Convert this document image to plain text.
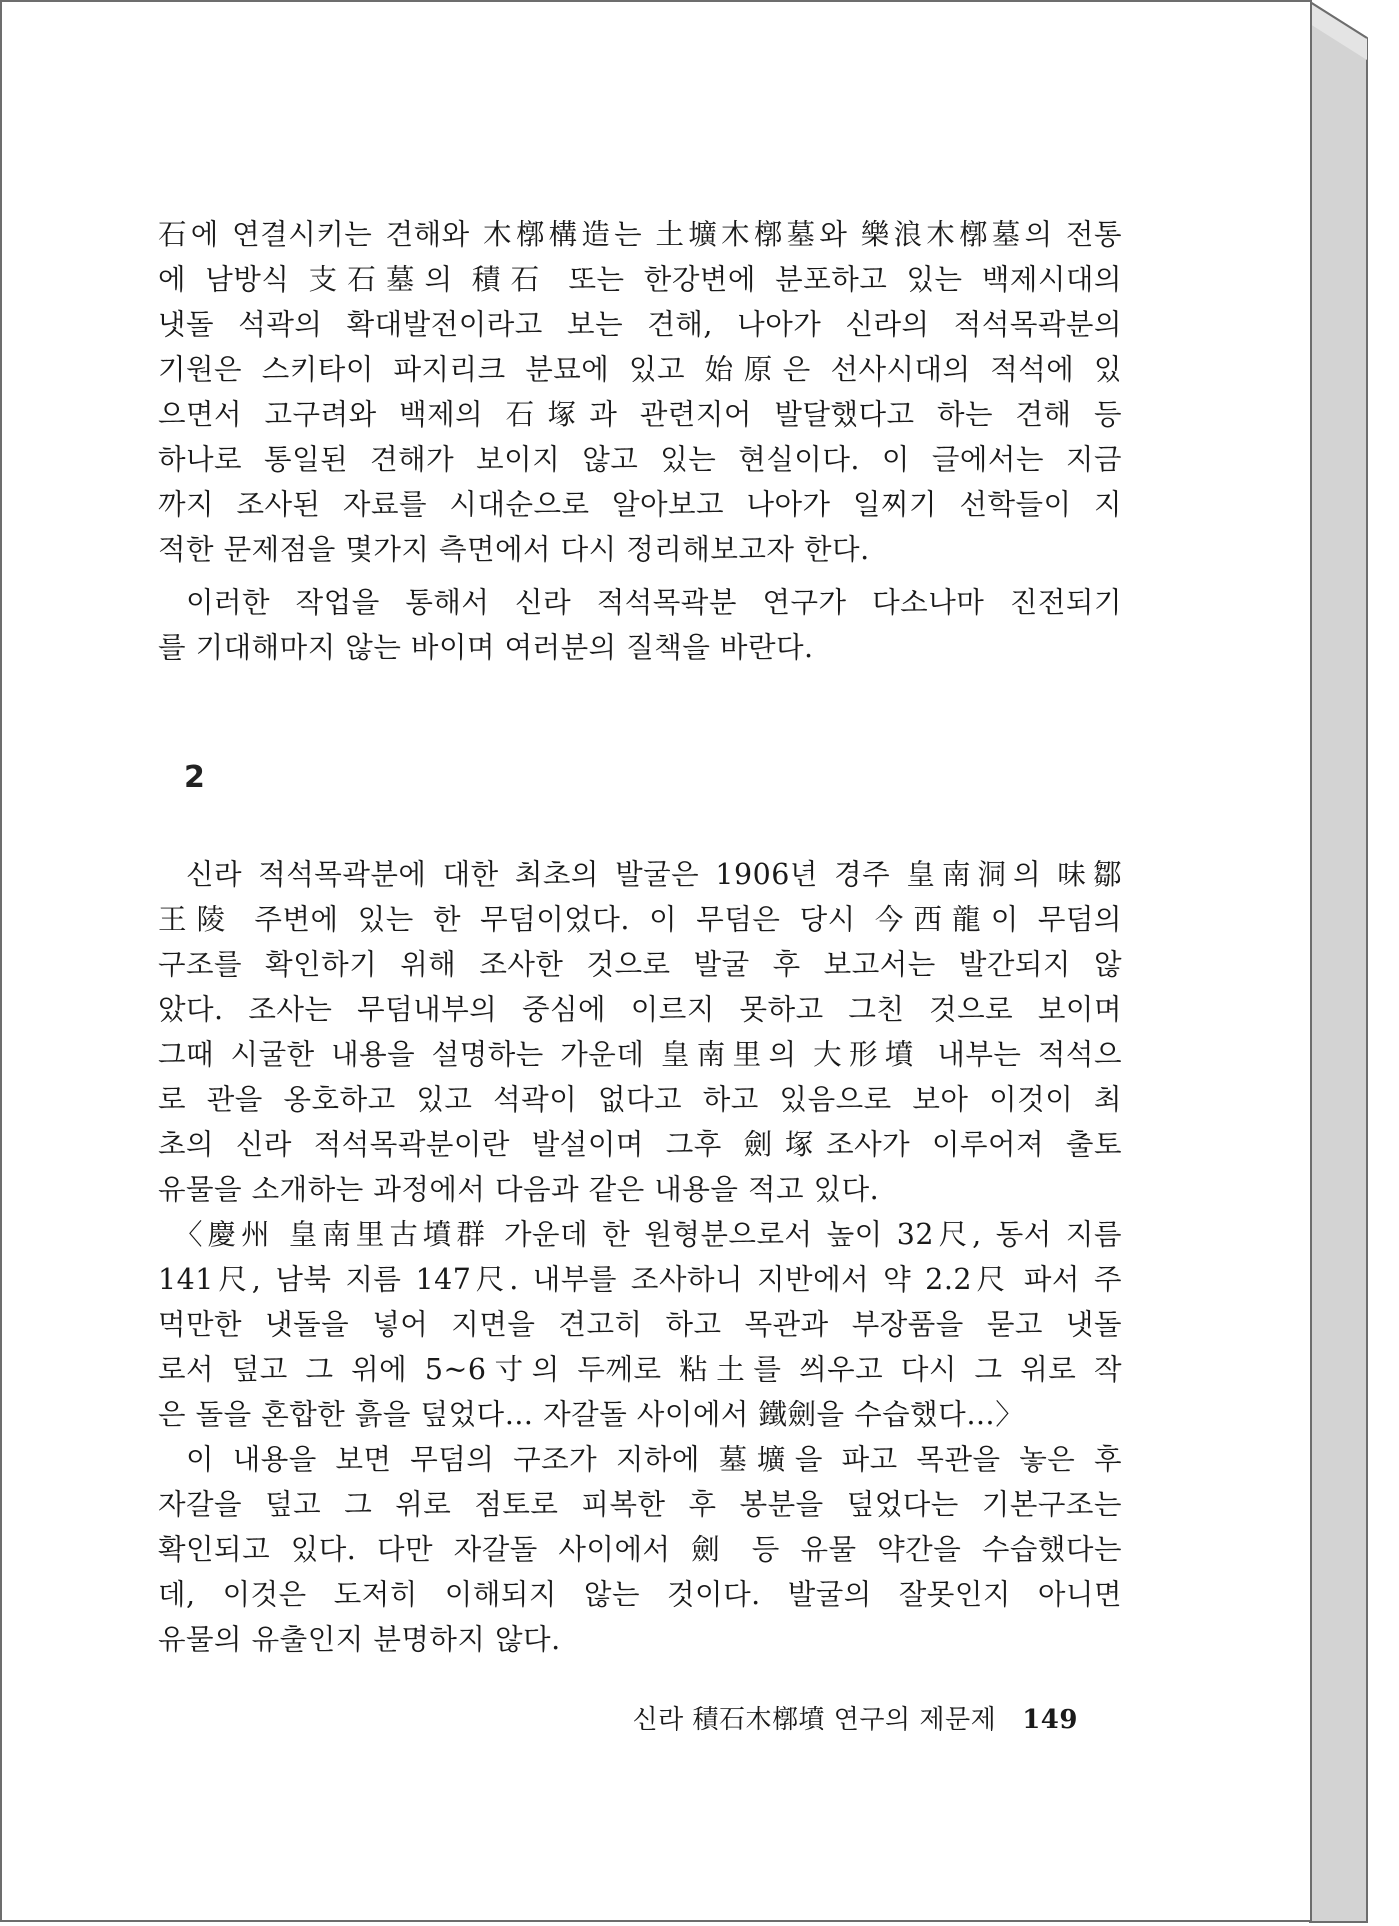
石에 연결시키는 견해와 木槨構造는 土壙木槨墓와 樂浪木槨墓의 전통
에 남방식 支石墓의 積石 또는 한강변에 분포하고 있는 백제시대의
냇돌 석곽의 확대발전이라고 보는 견해, 나아가 신라의 적석목곽분의
기원은 스키타이 파지리크 분묘에 있고 始原은 선사시대의 적석에 있
으면서 고구려와 백제의 石塚과 관련지어 발달했다고 하는 견해 등
하나로 통일된 견해가 보이지 않고 있는 현실이다. 이 글에서는 지금
까지 조사된 자료를 시대순으로 알아보고 나아가 일찌기 선학들이 지
적한 문제점을 몇가지 측면에서 다시 정리해보고자 한다.
이러한 작업을 통해서 신라 적석목곽분 연구가 다소나마 진전되기
를 기대해마지 않는 바이며 여러분의 질책을 바란다.
2
신라 적석목곽분에 대한 최초의 발굴은 1906년 경주 皇南洞의 味鄒
王陵 주변에 있는 한 무덤이었다. 이 무덤은 당시 今西龍이 무덤의
구조를 확인하기 위해 조사한 것으로 발굴 후 보고서는 발간되지 않
았다. 조사는 무덤내부의 중심에 이르지 못하고 그친 것으로 보이며
그때 시굴한 내용을 설명하는 가운데 皇南里의 大形墳 내부는 적석으
로 관을 옹호하고 있고 석곽이 없다고 하고 있음으로 보아 이것이 최
초의 신라 적석목곽분이란 발설이며 그후 劍塚조사가 이루어져 출토
유물을 소개하는 과정에서 다음과 같은 내용을 적고 있다.
〈慶州 皇南里古墳群 가운데 한 원형분으로서 높이 32尺, 동서 지름
141尺, 남북 지름 147尺. 내부를 조사하니 지반에서 약 2.2尺 파서 주
먹만한 냇돌을 넣어 지면을 견고히 하고 목관과 부장품을 묻고 냇돌
로서 덮고 그 위에 5~6寸의 두께로 粘土를 씌우고 다시 그 위로 작
은 돌을 혼합한 흙을 덮었다… 자갈돌 사이에서 鐵劍을 수습했다…〉
이 내용을 보면 무덤의 구조가 지하에 墓壙을 파고 목관을 놓은 후
자갈을 덮고 그 위로 점토로 피복한 후 봉분을 덮었다는 기본구조는
확인되고 있다. 다만 자갈돌 사이에서 劍 등 유물 약간을 수습했다는
데, 이것은 도저히 이해되지 않는 것이다. 발굴의 잘못인지 아니면
유물의 유출인지 분명하지 않다.
신라 積石木槨墳 연구의 제문제 149
